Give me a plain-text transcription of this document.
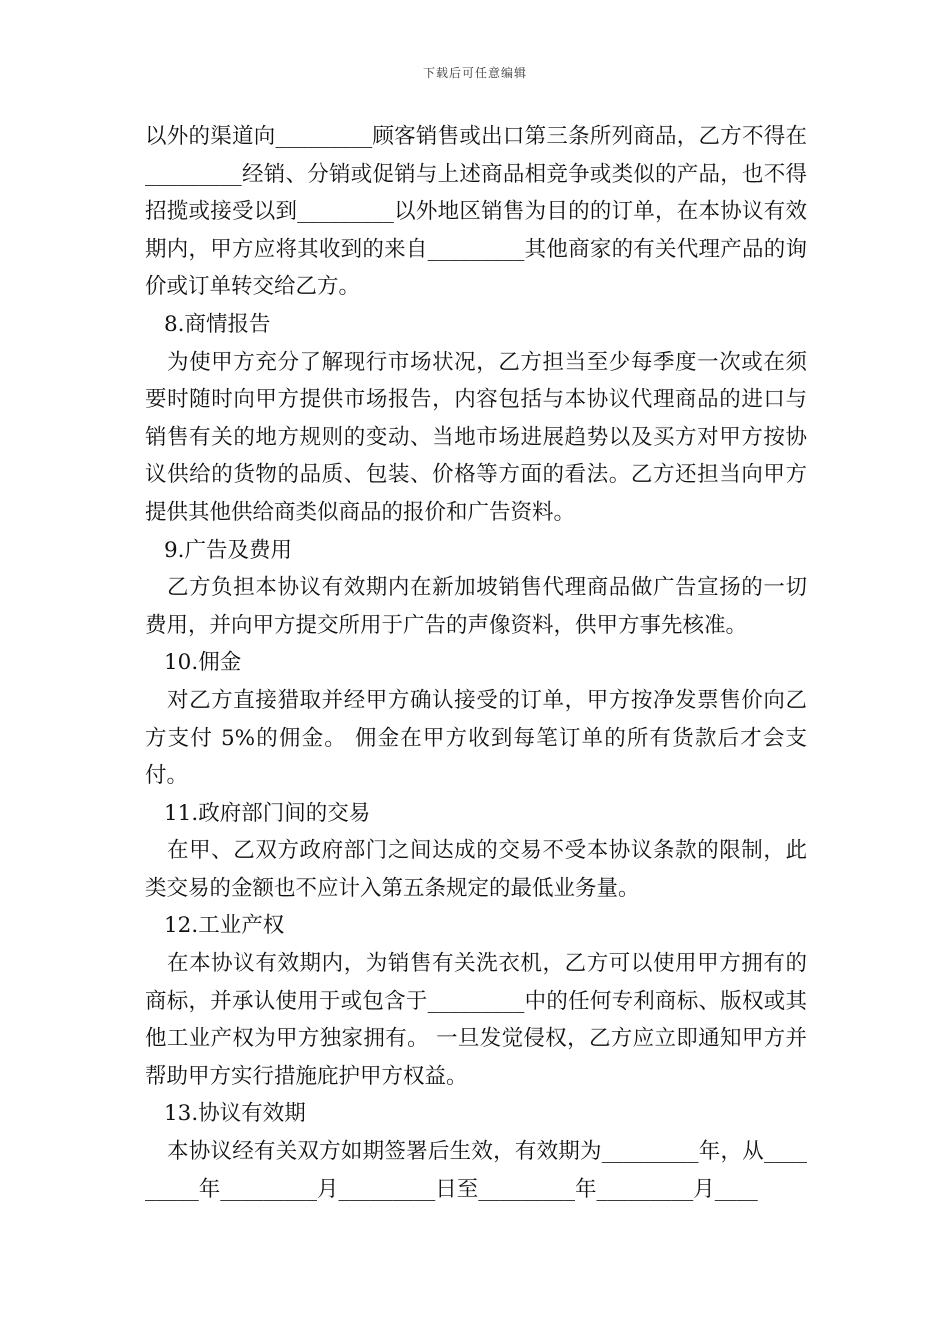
下载后可任意编辑

以外的渠道向_________顾客销售或出口第三条所列商品，乙方不得在_________经销、分销或促销与上述商品相竞争或类似的产品，也不得招揽或接受以到_________以外地区销售为目的的订单，在本协议有效期内，甲方应将其收到的来自_________其他商家的有关代理产品的询价或订单转交给乙方。

8.商情报告

为使甲方充分了解现行市场状况，乙方担当至少每季度一次或在须要时随时向甲方提供市场报告，内容包括与本协议代理商品的进口与销售有关的地方规则的变动、当地市场进展趋势以及买方对甲方按协议供给的货物的品质、包装、价格等方面的看法。乙方还担当向甲方提供其他供给商类似商品的报价和广告资料。

9.广告及费用

乙方负担本协议有效期内在新加坡销售代理商品做广告宣扬的一切费用，并向甲方提交所用于广告的声像资料，供甲方事先核准。

10.佣金

对乙方直接猎取并经甲方确认接受的订单，甲方按净发票售价向乙方支付 5%的佣金。 佣金在甲方收到每笔订单的所有货款后才会支付。

11.政府部门间的交易

在甲、乙双方政府部门之间达成的交易不受本协议条款的限制，此类交易的金额也不应计入第五条规定的最低业务量。

12.工业产权

在本协议有效期内，为销售有关洗衣机，乙方可以使用甲方拥有的商标，并承认使用于或包含于_________中的任何专利商标、版权或其他工业产权为甲方独家拥有。 一旦发觉侵权，乙方应立即通知甲方并帮助甲方实行措施庇护甲方权益。

13.协议有效期

本协议经有关双方如期签署后生效，有效期为_________年，从_________年_________月_________日至_________年_________月____
